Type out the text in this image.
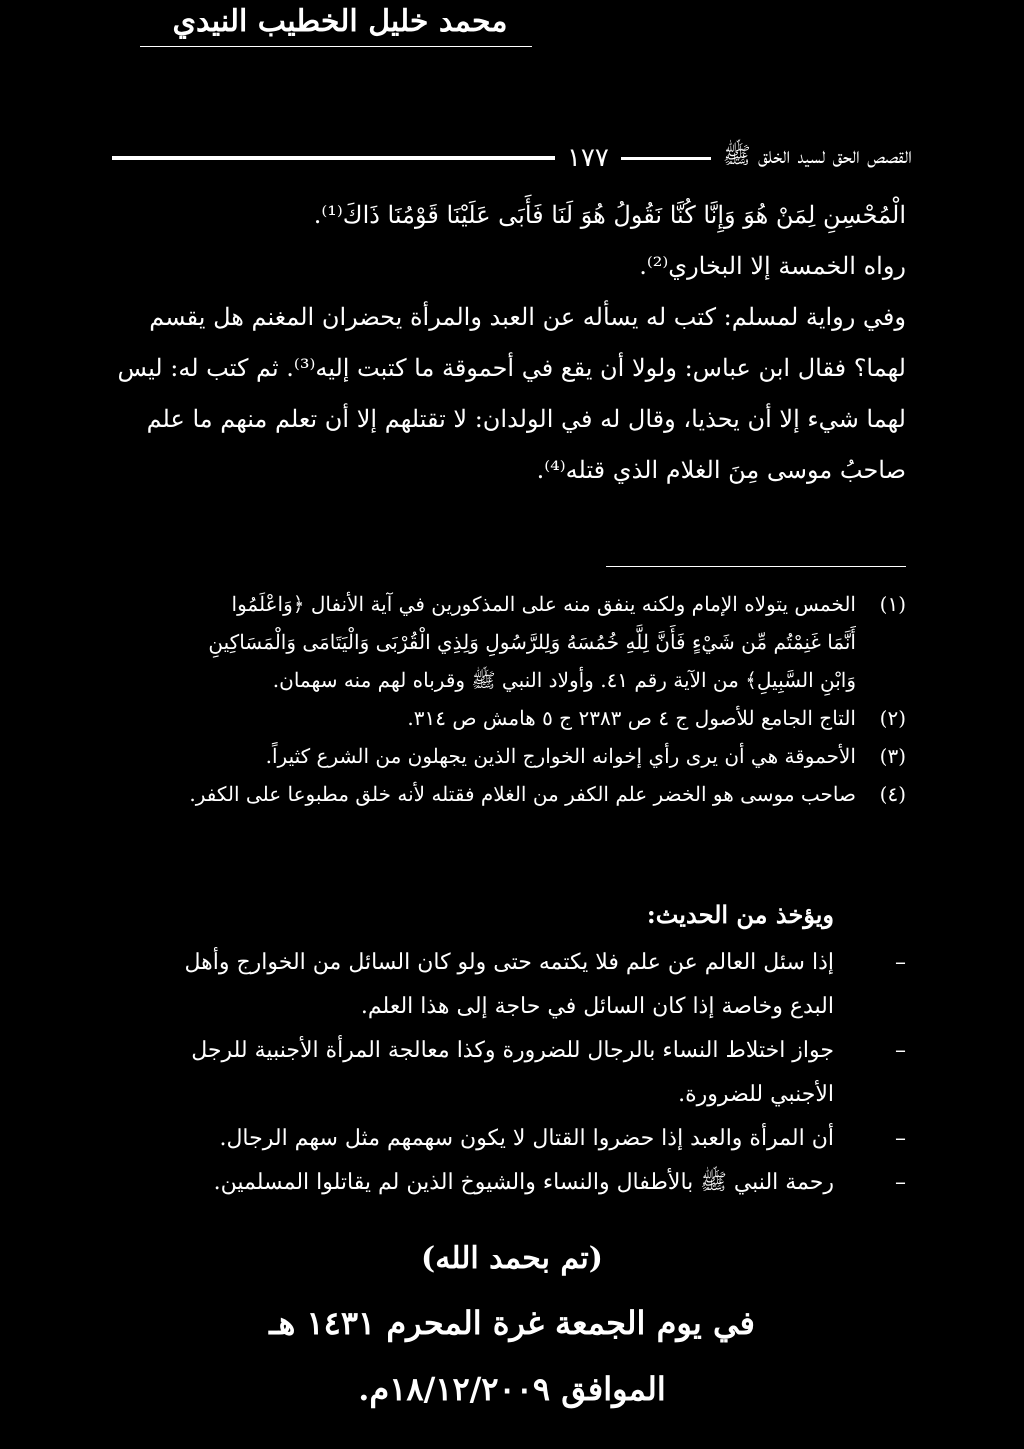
محمد خليل الخطيب النيدي
القصص الحق لسيد الخلق ﷺ
١٧٧
الْمُحْسِنِ لِمَنْ هُوَ وَإِنَّا كُنَّا نَقُولُ هُوَ لَنَا فَأَبَى عَلَيْنَا قَوْمُنَا ذَاكَ⁽¹⁾.
رواه الخمسة إلا البخاري⁽²⁾.
وفي رواية لمسلم: كتب له يسأله عن العبد والمرأة يحضران المغنم هل يقسم
لهما؟ فقال ابن عباس: ولولا أن يقع في أحموقة ما كتبت إليه⁽³⁾. ثم كتب له: ليس
لهما شيء إلا أن يحذيا، وقال له في الولدان: لا تقتلهم إلا أن تعلم منهم ما علم
صاحبُ موسى مِنَ الغلام الذي قتله⁽⁴⁾.
(١)
الخمس يتولاه الإمام ولكنه ينفق منه على المذكورين في آية الأنفال ﴿وَاعْلَمُوا
أَنَّمَا غَنِمْتُم مِّن شَيْءٍ فَأَنَّ لِلَّهِ خُمُسَهُ وَلِلرَّسُولِ وَلِذِي الْقُرْبَى وَالْيَتَامَى وَالْمَسَاكِينِ
وَابْنِ السَّبِيلِ﴾ من الآية رقم ٤١. وأولاد النبي ﷺ وقرباه لهم منه سهمان.
(٢)
التاج الجامع للأصول ج ٤ ص ٢٣٨٣ ج ٥ هامش ص ٣١٤.
(٣)
الأحموقة هي أن يرى رأي إخوانه الخوارج الذين يجهلون من الشرع كثيراً.
(٤)
صاحب موسى هو الخضر علم الكفر من الغلام فقتله لأنه خلق مطبوعا على الكفر.
ويؤخذ من الحديث:
–
إذا سئل العالم عن علم فلا يكتمه حتى ولو كان السائل من الخوارج وأهل
البدع وخاصة إذا كان السائل في حاجة إلى هذا العلم.
–
جواز اختلاط النساء بالرجال للضرورة وكذا معالجة المرأة الأجنبية للرجل
الأجنبي للضرورة.
–
أن المرأة والعبد إذا حضروا القتال لا يكون سهمهم مثل سهم الرجال.
–
رحمة النبي ﷺ بالأطفال والنساء والشيوخ الذين لم يقاتلوا المسلمين.
(تم بحمد الله)
في يوم الجمعة غرة المحرم ١٤٣١ هـ
الموافق ١٨/١٢/٢٠٠٩م.
